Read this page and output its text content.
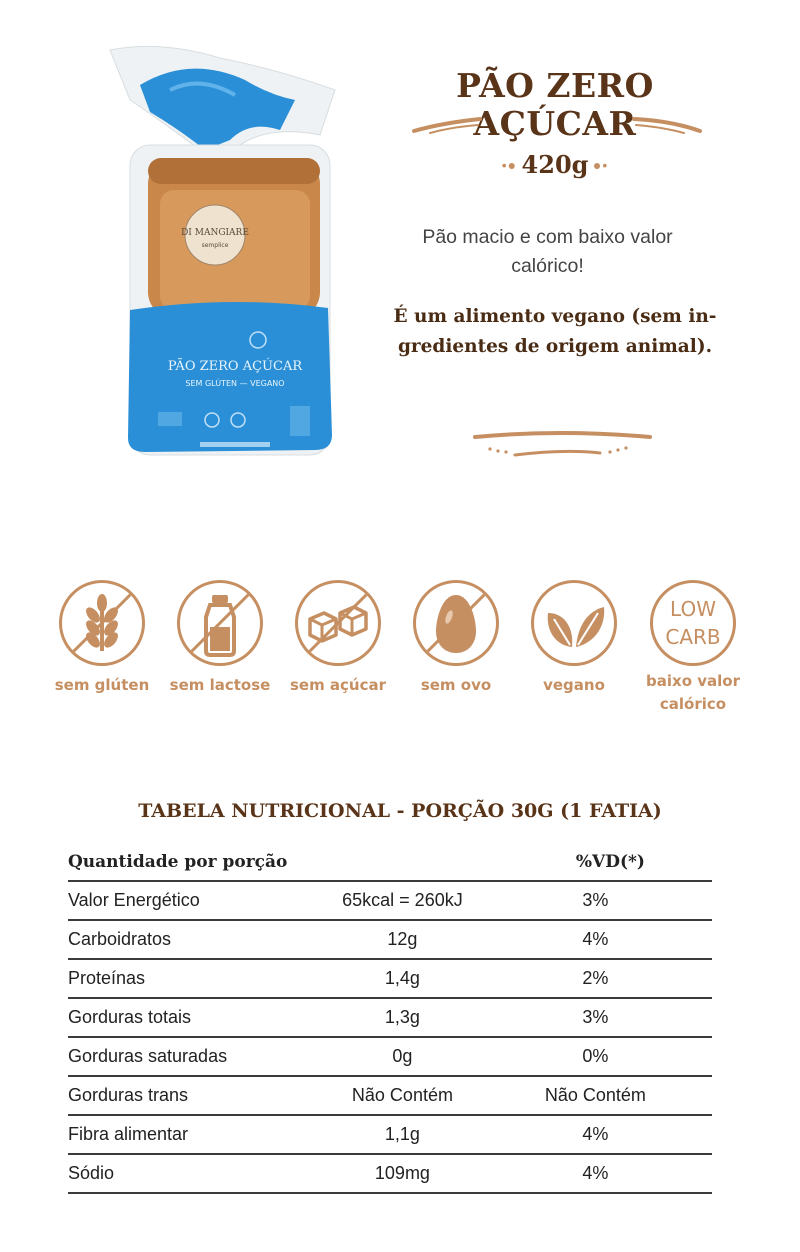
DI MANGIARE
semplice
PÃO ZERO AÇÚCAR
SEM GLÚTEN — VEGANO
PÃO ZERO
AÇÚCAR
•● 420g ●•
Pão macio e com baixo valor calórico!
É um alimento vegano (sem in-gredientes de origem animal).
sem glúten	sem lactose	sem açúcar	sem ovo	vegano
LOW
CARB
baixo valor
calórico
TABELA NUTRICIONAL - PORÇÃO 30G (1 FATIA)
Quantidade por porção		%VD(*)
Valor Energético	65kcal = 260kJ	3%
Carboidratos	12g	4%
Proteínas	1,4g	2%
Gorduras totais	1,3g	3%
Gorduras saturadas	0g	0%
Gorduras trans	Não Contém	Não Contém
Fibra alimentar	1,1g	4%
Sódio	109mg	4%
